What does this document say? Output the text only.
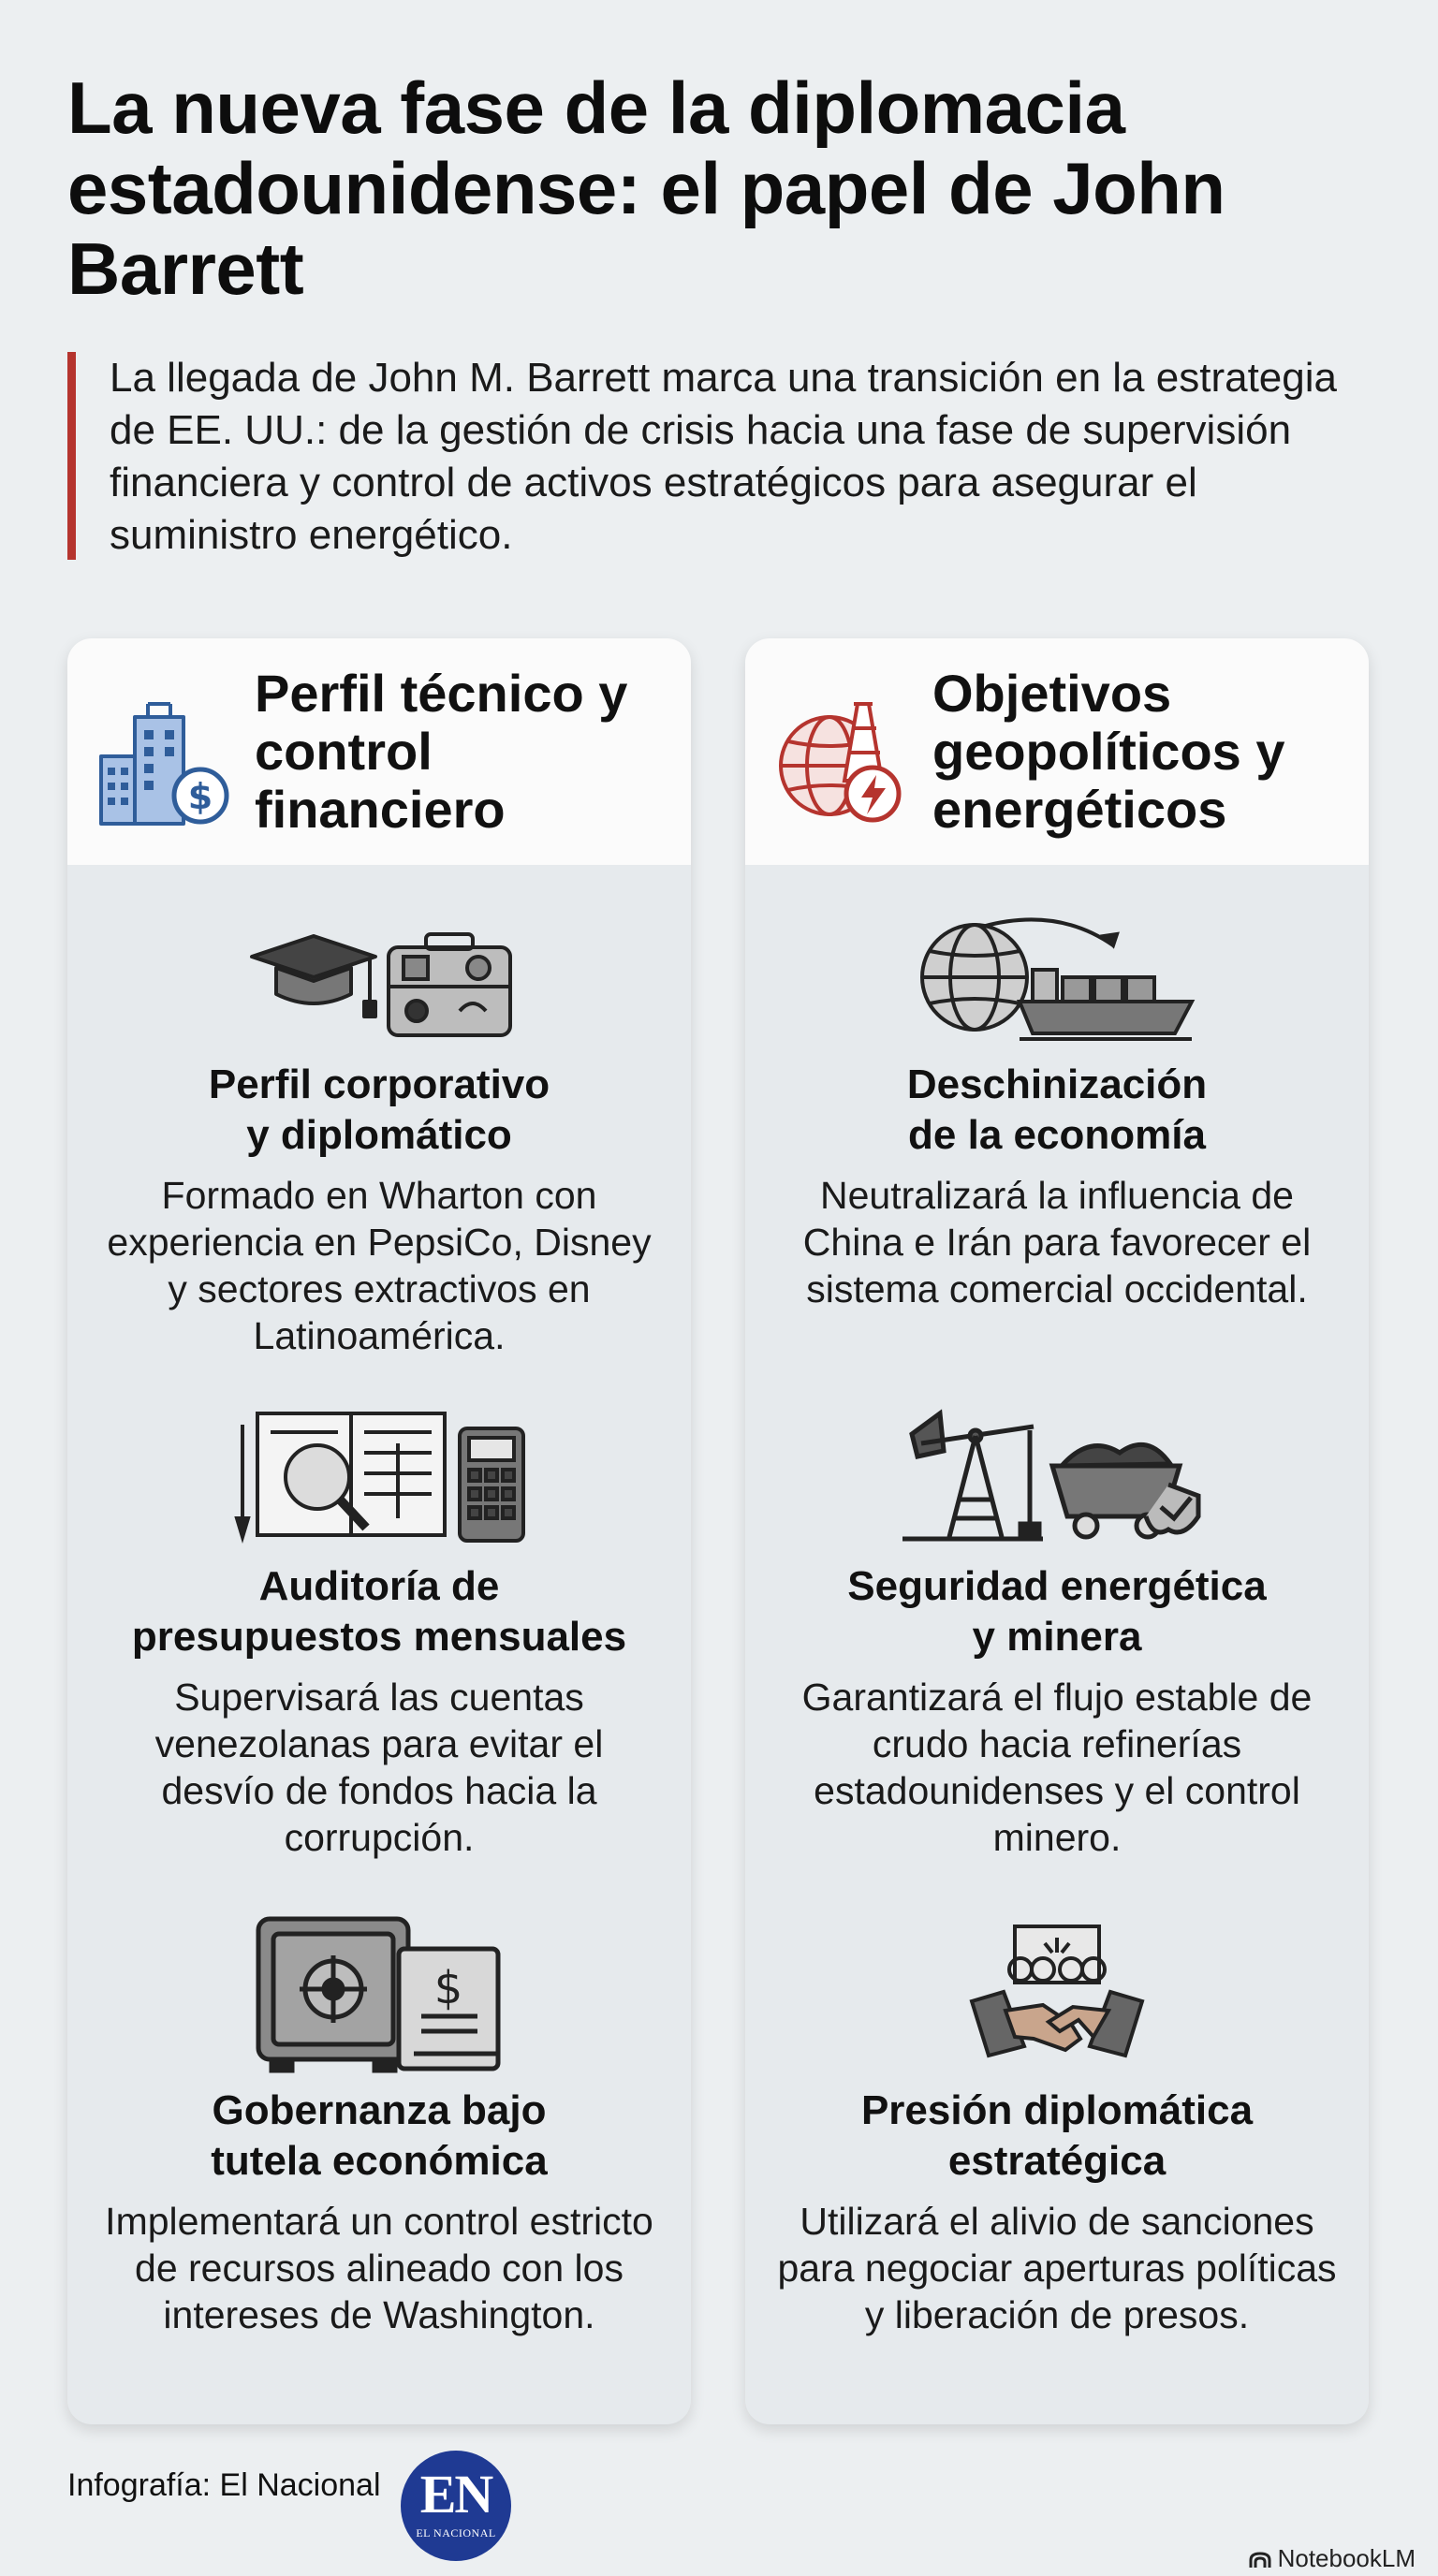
La nueva fase de la diplomacia estadounidense: el papel de John Barrett

La llegada de John M. Barrett marca una transición en la estrategia de EE. UU.: de la gestión de crisis hacia una fase de supervisión financiera y control de activos estratégicos para asegurar el suministro energético.

$
Perfil técnico y control financiero
Perfil corporativo
y diplomático

Formado en Wharton con experiencia en PepsiCo, Disney y sectores extractivos en Latinoamérica.

Auditoría de
presupuestos mensuales

Supervisará las cuentas venezolanas para evitar el desvío de fondos hacia la corrupción.

$
Gobernanza bajo
tutela económica

Implementará un control estricto de recursos alineado con los intereses de Washington.

Objetivos geopolíticos y energéticos
Deschinización
de la economía

Neutralizará la influencia de China e Irán para favorecer el sistema comercial occidental.

Seguridad energética
y minera

Garantizará el flujo estable de crudo hacia refinerías estadounidenses y el control minero.

Presión diplomática
estratégica

Utilizará el alivio de sanciones para negociar aperturas políticas y liberación de presos.

Infografía: El Nacional EN
EL NACIONAL
NotebookLM
